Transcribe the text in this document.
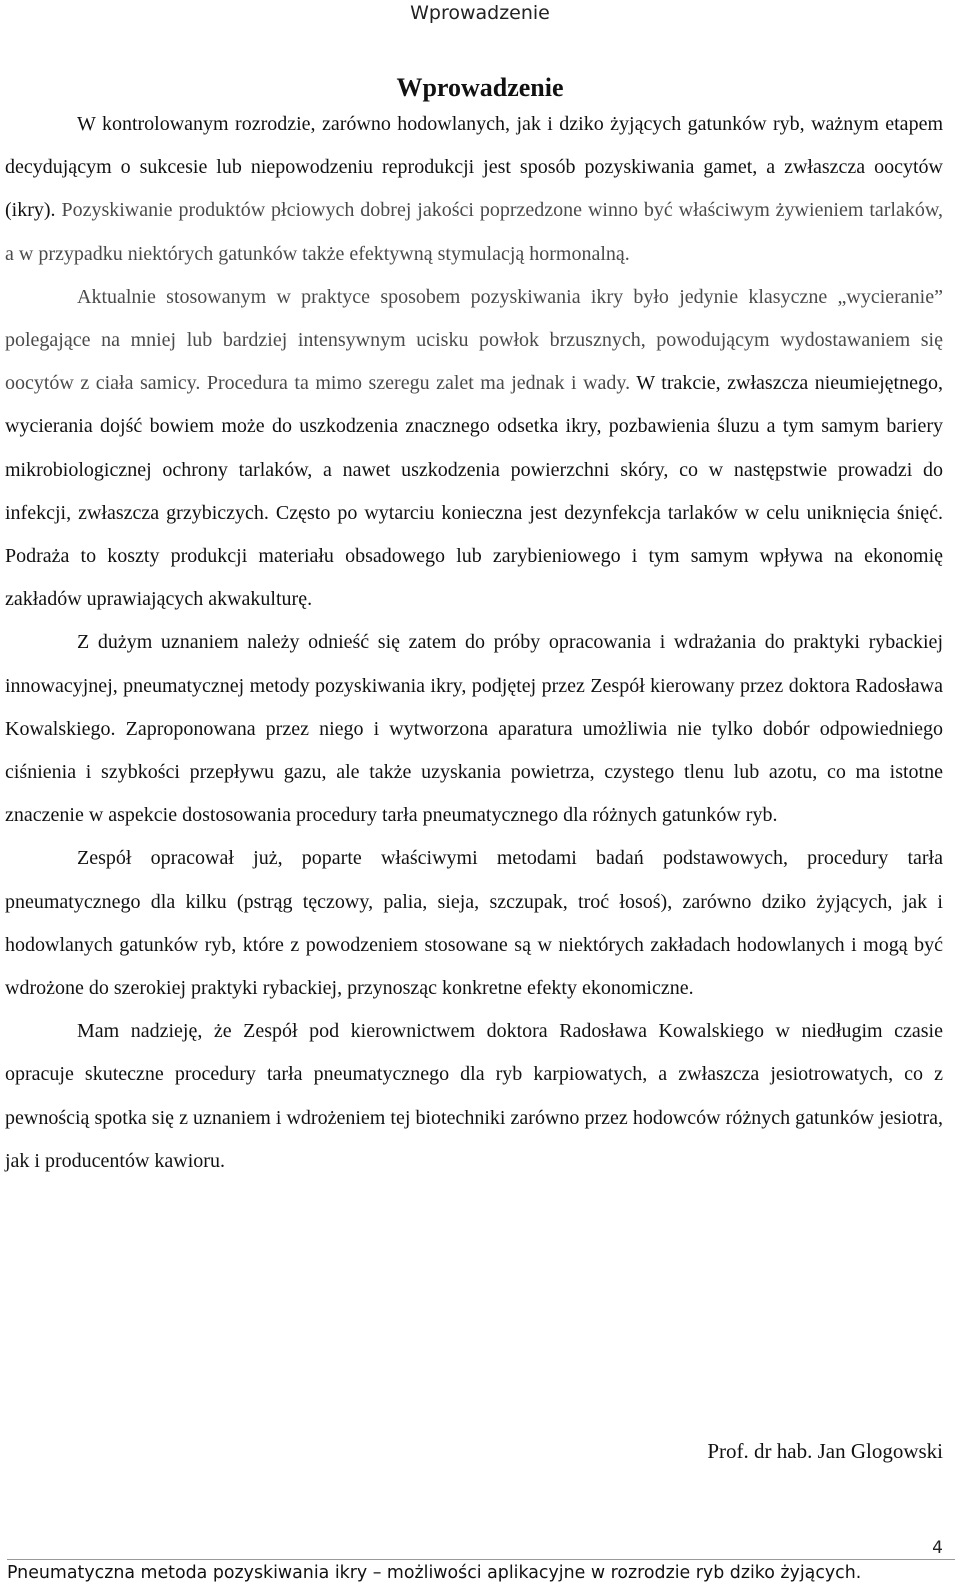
Wprowadzenie
Wprowadzenie

W kontrolowanym rozrodzie, zarówno hodowlanych, jak i dziko żyjących gatunków ryb, ważnym etapem decydującym o sukcesie lub niepowodzeniu reprodukcji jest sposób pozyskiwania gamet, a zwłaszcza oocytów (ikry). Pozyskiwanie produktów płciowych dobrej jakości poprzedzone winno być właściwym żywieniem tarlaków, a w przypadku niektórych gatunków także efektywną stymulacją hormonalną.

Aktualnie stosowanym w praktyce sposobem pozyskiwania ikry było jedynie klasyczne „wycieranie” polegające na mniej lub bardziej intensywnym ucisku powłok brzusznych, powodującym wydostawaniem się oocytów z ciała samicy. Procedura ta mimo szeregu zalet ma jednak i wady. W trakcie, zwłaszcza nieumiejętnego, wycierania dojść bowiem może do uszkodzenia znacznego odsetka ikry, pozbawienia śluzu a tym samym bariery mikrobiologicznej ochrony tarlaków, a nawet uszkodzenia powierzchni skóry, co w następstwie prowadzi do infekcji, zwłaszcza grzybiczych. Często po wytarciu konieczna jest dezynfekcja tarlaków w celu uniknięcia śnięć. Podraża to koszty produkcji materiału obsadowego lub zarybieniowego i tym samym wpływa na ekonomię zakładów uprawiających akwakulturę.

Z dużym uznaniem należy odnieść się zatem do próby opracowania i wdrażania do praktyki rybackiej innowacyjnej, pneumatycznej metody pozyskiwania ikry, podjętej przez Zespół kierowany przez doktora Radosława Kowalskiego. Zaproponowana przez niego i wytworzona aparatura umożliwia nie tylko dobór odpowiedniego ciśnienia i szybkości przepływu gazu, ale także uzyskania powietrza, czystego tlenu lub azotu, co ma istotne znaczenie w aspekcie dostosowania procedury tarła pneumatycznego dla różnych gatunków ryb.

Zespół opracował już, poparte właściwymi metodami badań podstawowych, procedury tarła pneumatycznego dla kilku (pstrąg tęczowy, palia, sieja, szczupak, troć łosoś), zarówno dziko żyjących, jak i hodowlanych gatunków ryb, które z powodzeniem stosowane są w niektórych zakładach hodowlanych i mogą być wdrożone do szerokiej praktyki rybackiej, przynosząc konkretne efekty ekonomiczne.

Mam nadzieję, że Zespół pod kierownictwem doktora Radosława Kowalskiego w niedługim czasie opracuje skuteczne procedury tarła pneumatycznego dla ryb karpiowatych, a zwłaszcza jesiotrowatych, co z pewnością spotka się z uznaniem i wdrożeniem tej biotechniki zarówno przez hodowców różnych gatunków jesiotra, jak i producentów kawioru.

Prof. dr hab. Jan Glogowski
4
Pneumatyczna metoda pozyskiwania ikry – możliwości aplikacyjne w rozrodzie ryb dziko żyjących.
